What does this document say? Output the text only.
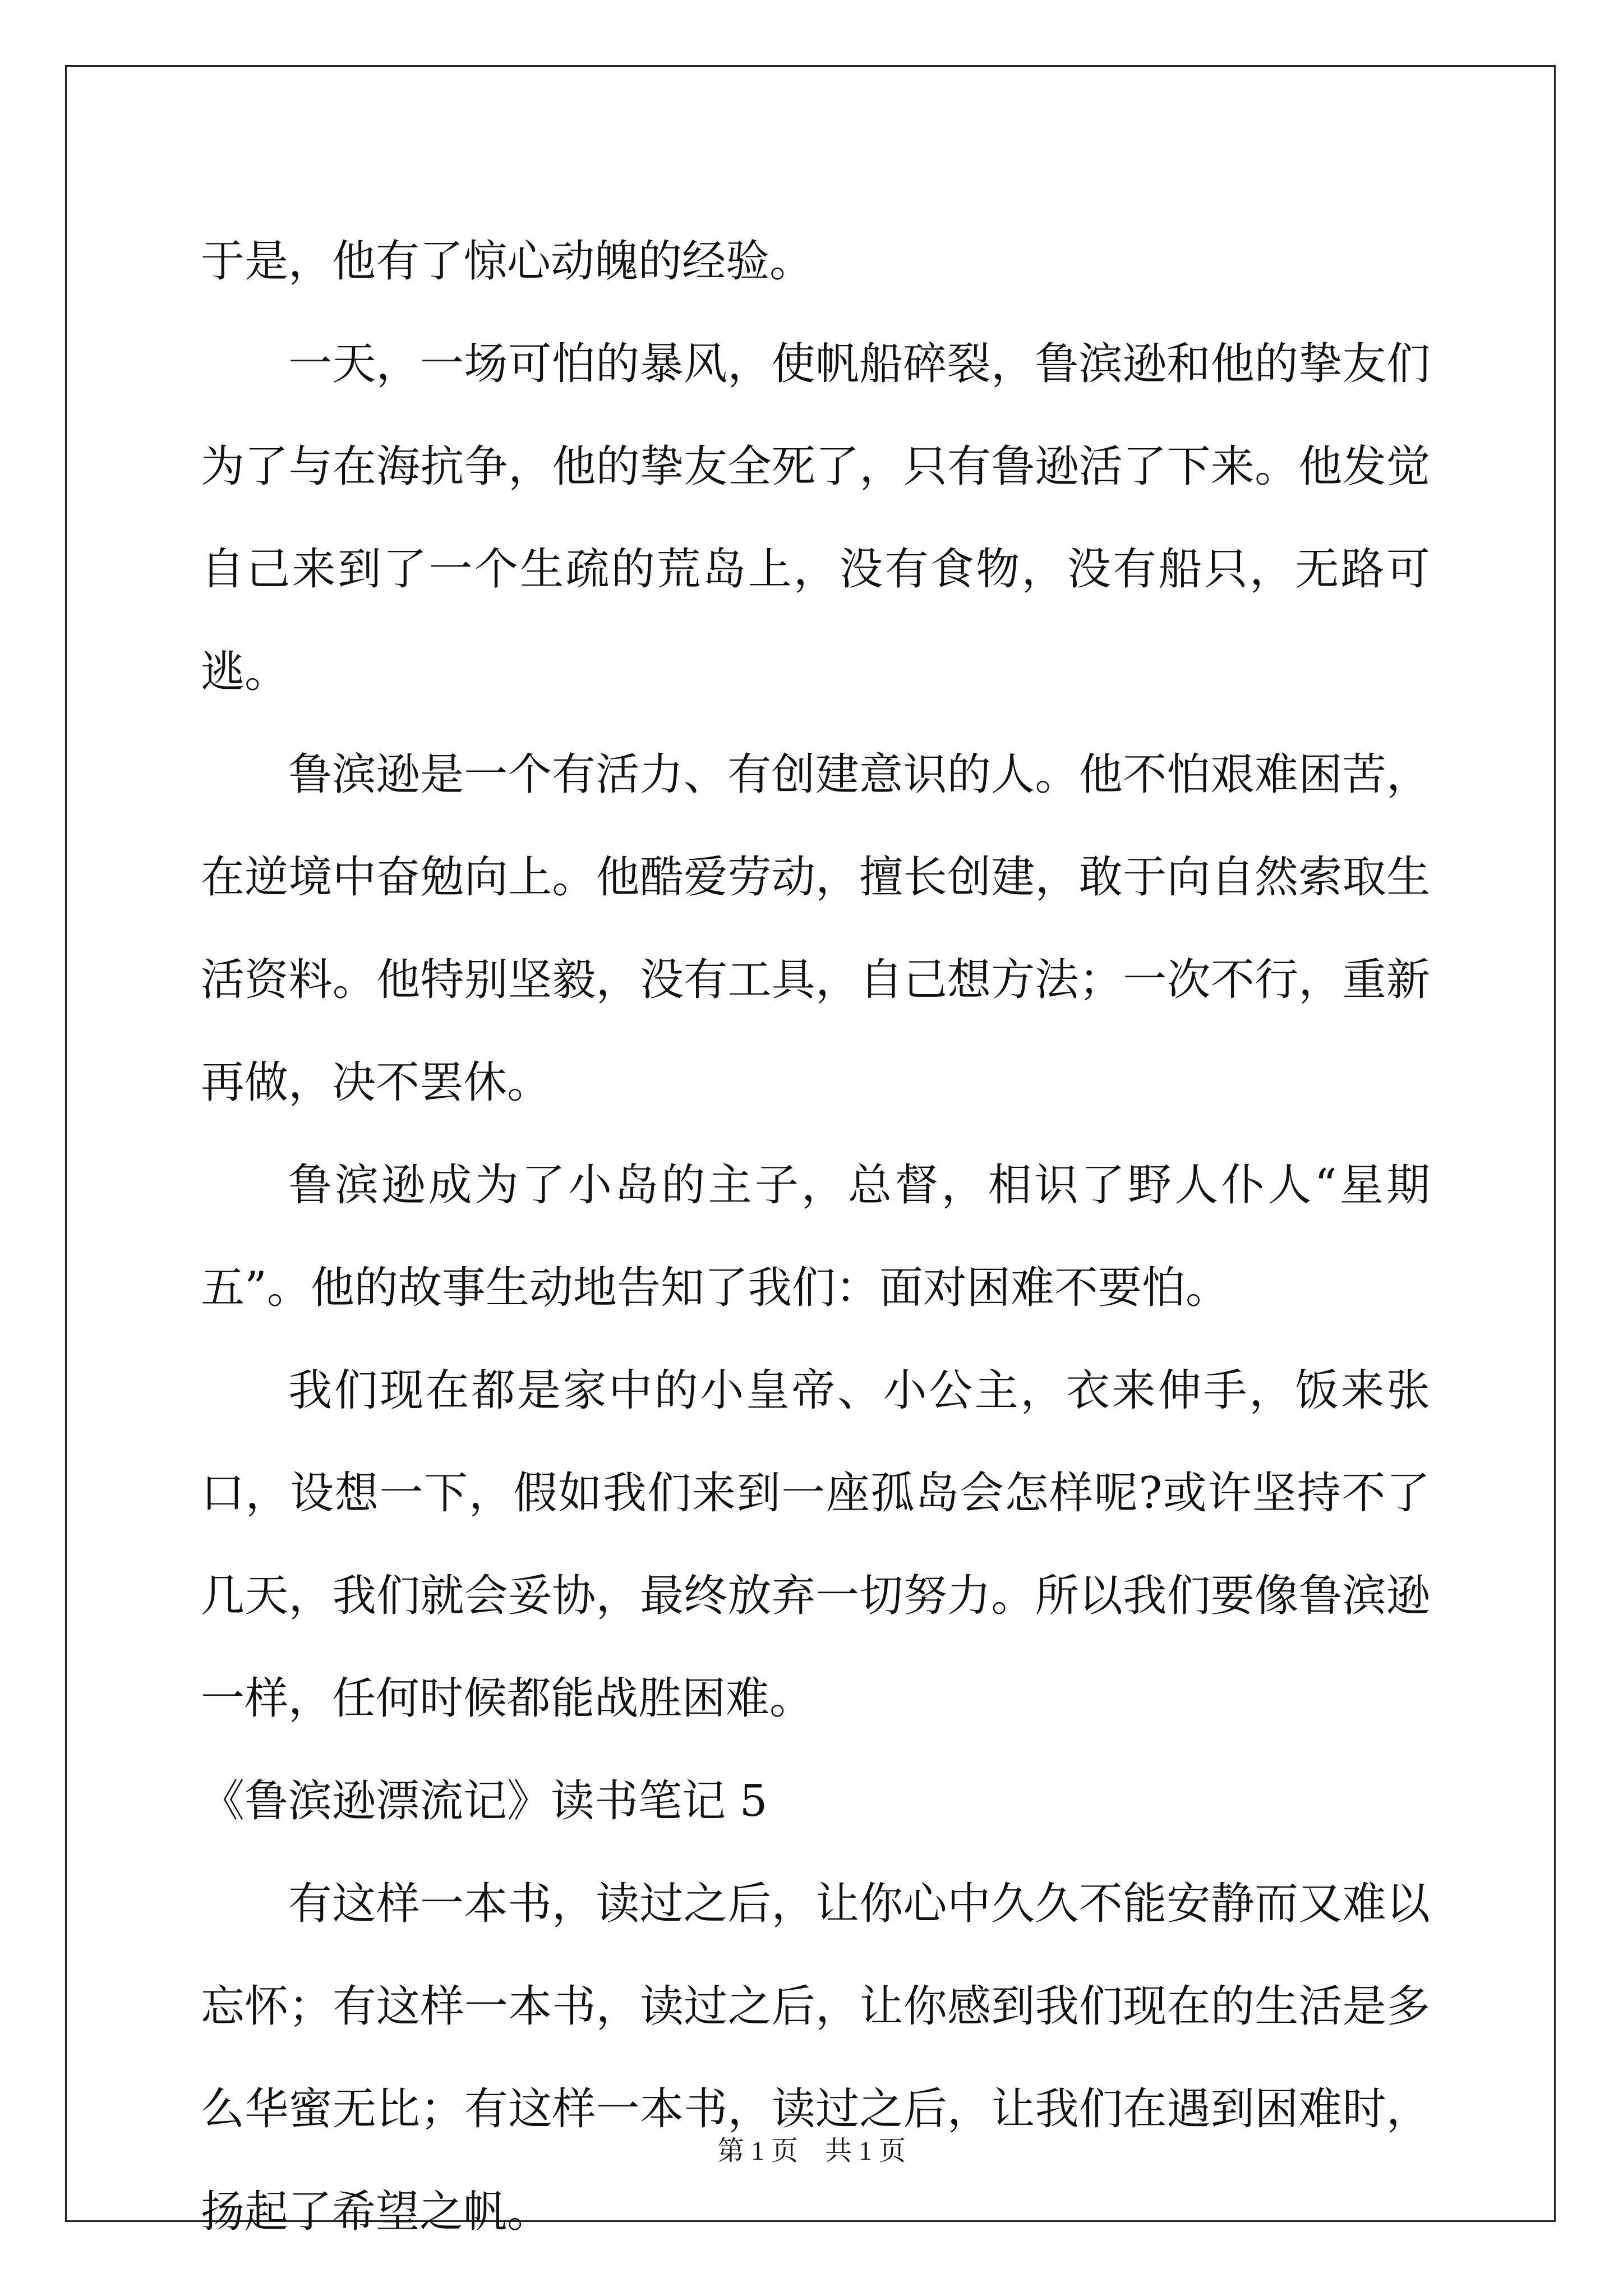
于是，他有了惊心动魄的经验。

一天，一场可怕的暴风，使帆船碎裂，鲁滨逊和他的挚友们为了与在海抗争，他的挚友全死了，只有鲁逊活了下来。他发觉自己来到了一个生疏的荒岛上，没有食物，没有船只，无路可逃。

鲁滨逊是一个有活力、有创建意识的人。他不怕艰难困苦，在逆境中奋勉向上。他酷爱劳动，擅长创建，敢于向自然索取生活资料。他特别坚毅，没有工具，自己想方法；一次不行，重新再做，决不罢休。

鲁滨逊成为了小岛的主子，总督，相识了野人仆人“星期五”。他的故事生动地告知了我们：面对困难不要怕。

我们现在都是家中的小皇帝、小公主，衣来伸手，饭来张口，设想一下，假如我们来到一座孤岛会怎样呢?或许坚持不了几天，我们就会妥协，最终放弃一切努力。所以我们要像鲁滨逊一样，任何时候都能战胜困难。

《鲁滨逊漂流记》读书笔记 5

有这样一本书，读过之后，让你心中久久不能安静而又难以忘怀；有这样一本书，读过之后，让你感到我们现在的生活是多么华蜜无比；有这样一本书，读过之后，让我们在遇到困难时，扬起了希望之帆。

第 1 页　共 1 页
